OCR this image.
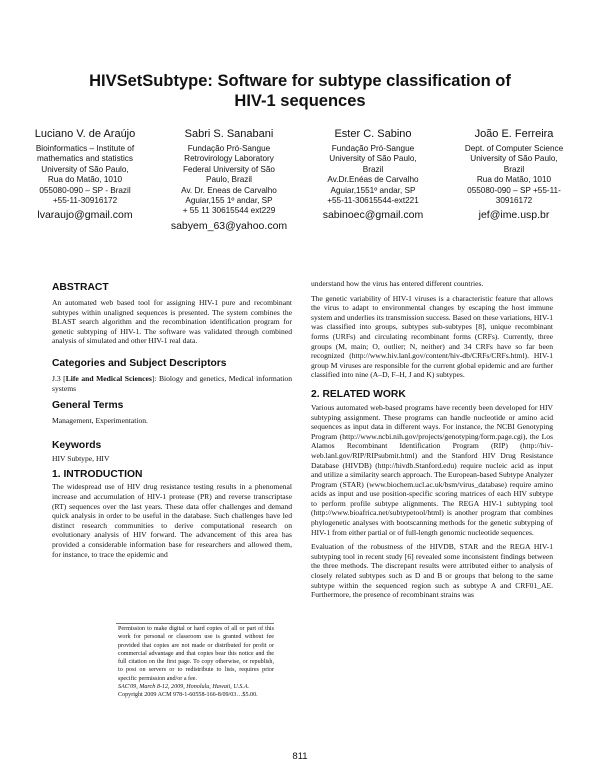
HIVSetSubtype: Software for subtype classification of
HIV-1 sequences
Luciano V. de Araújo
Bioinformatics – Institute of
mathematics and statistics
University of São Paulo,
Rua do Matão, 1010
055080-090 – SP - Brazil
+55-11-30916172
lvaraujo@gmail.com
Sabri S. Sanabani
Fundação Pró-Sangue
Retrovirology Laboratory
Federal University of São
Paulo, Brazil
Av. Dr. Eneas de Carvalho
Aguiar,155 1º andar, SP
+ 55 11 30615544 ext229
sabyem_63@yahoo.com
Ester C. Sabino
Fundação Pró-Sangue
University of São Paulo,
Brazil
Av.Dr.Enéas de Carvalho
Aguiar,1551º andar, SP
+55-11-30615544-ext221
sabinoec@gmail.com
João E. Ferreira
Dept. of Computer Science
University of São Paulo,
Brazil
Rua do Matão, 1010
055080-090 – SP +55-11-
30916172
jef@ime.usp.br
ABSTRACT

An automated web based tool for assigning HIV-1 pure and recombinant subtypes within unaligned sequences is presented. The system combines the BLAST search algorithm and the recombination identification program for genetic subtyping of HIV-1. The software was validated through combined analysis of simulated and other HIV-1 real data.

Categories and Subject Descriptors

J.3 [Life and Medical Sciences]: Biology and genetics, Medical information systems

General Terms

Management, Experimentation.

Keywords

HIV Subtype, HIV

1. INTRODUCTION

The widespread use of HIV drug resistance testing results in a phenomenal increase and accumulation of HIV-1 protease (PR) and reverse transcriptase (RT) sequences over the last years. These data offer challenges and demand quick analysis in order to be useful in the database. Such challenges have led distinct research communities to derive computational research on evolutionary analysis of HIV forward. The advancement of this area has provided a considerable information base for researchers and allowed them, for instance, to trace the epidemic and

Permission to make digital or hard copies of all or part of this work for personal or classroom use is granted without fee provided that copies are not made or distributed for profit or commercial advantage and that copies bear this notice and the full citation on the first page. To copy otherwise, or republish, to post on servers or to redistribute to lists, requires prior specific permission and/or a fee.

SAC'09, March 8-12, 2009, Honolulu, Hawaii, U.S.A.

Copyright 2009 ACM 978-1-60558-166-8/09/03…$5.00.

understand how the virus has entered different countries.

The genetic variability of HIV-1 viruses is a characteristic feature that allows the virus to adapt to environmental changes by escaping the host immune system and underlies its transmission success. Based on these variations, HIV-1 was classified into groups, subtypes sub-subtypes [8], unique recombinant forms (URFs) and circulating recombinant forms (CRFs). Currently, three groups (M, main; O, outlier; N, neither) and 34 CRFs have so far been recognized (http://www.hiv.lanl.gov/content/hiv-db/CRFs/CRFs.html). HIV-1 group M viruses are responsible for the current global epidemic and are further classified into nine (A–D, F–H, J and K) subtypes.

2. RELATED WORK

Various automated web-based programs have recently been developed for HIV subtyping assignment. These programs can handle nucleotide or amino acid sequences as input data in different ways. For instance, the NCBI Genotyping Program (http://www.ncbi.nih.gov/projects/genotyping/form.page.cgi), the Los Alamos Recombinant Identification Program (RIP) (http://hiv-web.lanl.gov/RIP/RIPsubmit.html) and the Stanford HIV Drug Resistance Database (HIVDB) (http://hivdb.Stanford.edu) require nucleic acid as input and utilize a similarity search approach. The European-based Subtype Analyzer Program (STAR) (www.biochem.ucl.ac.uk/bsm/virus_database) require amino acids as input and use position-specific scoring matrices of each HIV subtype to perform profile subtype alignments. The REGA HIV-1 subtyping tool (http://www.bioafrica.net/subtypetool/html) is another program that combines phylogenetic analyses with bootscanning methods for the genetic subtyping of HIV-1 from either partial or of full-length genomic nucleotide sequences.

Evaluation of the robustness of the HIVDB, STAR and the REGA HIV-1 subtyping tool in recent study [6] revealed some inconsistent findings between the three methods. The discrepant results were attributed either to analysis of closely related subtypes such as D and B or groups that belong to the same subtype within the sequenced region such as subtype A and CRF01_AE. Furthermore, the presence of recombinant strains was

811
